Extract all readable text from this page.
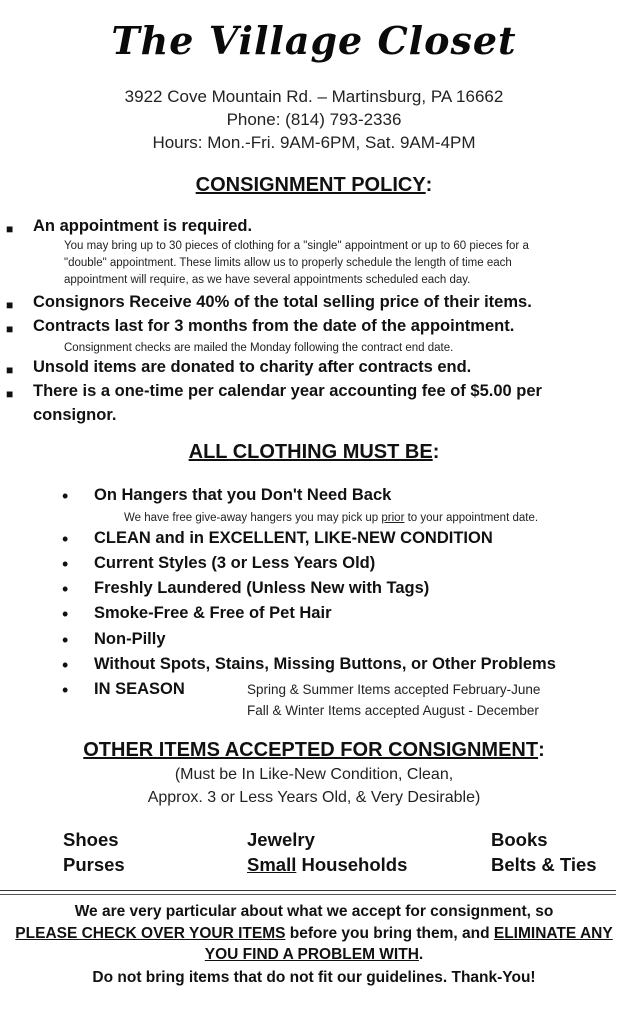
The Village Closet
3922 Cove Mountain Rd. – Martinsburg, PA 16662
Phone: (814) 793-2336
Hours: Mon.-Fri. 9AM-6PM, Sat. 9AM-4PM
CONSIGNMENT POLICY:
■ An appointment is required.
You may bring up to 30 pieces of clothing for a "single" appointment or up to 60 pieces for a
"double" appointment. These limits allow us to properly schedule the length of time each
appointment will require, as we have several appointments scheduled each day.
■ Consignors Receive 40% of the total selling price of their items.
■ Contracts last for 3 months from the date of the appointment.
Consignment checks are mailed the Monday following the contract end date.
■ Unsold items are donated to charity after contracts end.
■ There is a one-time per calendar year accounting fee of $5.00 per
consignor.
ALL CLOTHING MUST BE:
• On Hangers that you Don't Need Back
We have free give-away hangers you may pick up prior to your appointment date.
• CLEAN and in EXCELLENT, LIKE-NEW CONDITION
• Current Styles (3 or Less Years Old)
• Freshly Laundered (Unless New with Tags)
• Smoke-Free & Free of Pet Hair
• Non-Pilly
• Without Spots, Stains, Missing Buttons, or Other Problems
• IN SEASON	Spring & Summer Items accepted February-June
Fall & Winter Items accepted August - December
OTHER ITEMS ACCEPTED FOR CONSIGNMENT:
(Must be In Like-New Condition, Clean,
Approx. 3 or Less Years Old, & Very Desirable)
Shoes
Purses
Jewelry
Small Households
Books
Belts & Ties
We are very particular about what we accept for consignment, so
PLEASE CHECK OVER YOUR ITEMS before you bring them, and ELIMINATE ANY
YOU FIND A PROBLEM WITH.
Do not bring items that do not fit our guidelines. Thank-You!
